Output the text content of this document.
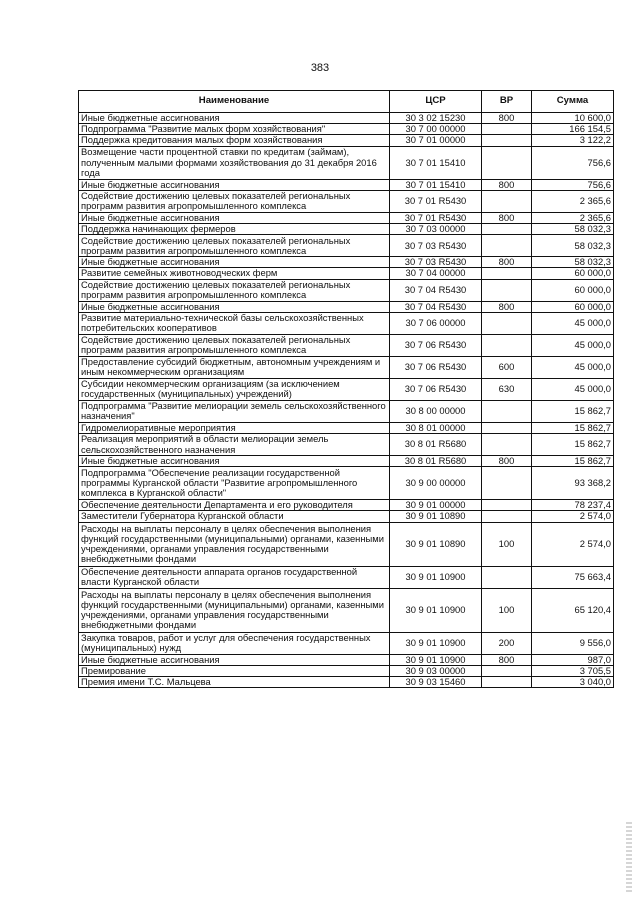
383
Наименование	ЦСР	ВР	Сумма
Иные бюджетные ассигнования	30 3 02 15230	800	10 600,0
Подпрограмма "Развитие малых форм хозяйствования"	30 7 00 00000		166 154,5
Поддержка кредитования малых форм хозяйствования	30 7 01 00000		3 122,2
Возмещение части процентной ставки по кредитам (займам), полученным малыми формами хозяйствования до 31 декабря 2016 года	30 7 01 15410		756,6
Иные бюджетные ассигнования	30 7 01 15410	800	756,6
Содействие достижению целевых показателей региональных программ развития агропромышленного комплекса	30 7 01 R5430		2 365,6
Иные бюджетные ассигнования	30 7 01 R5430	800	2 365,6
Поддержка начинающих фермеров	30 7 03 00000		58 032,3
Содействие достижению целевых показателей региональных программ развития агропромышленного комплекса	30 7 03 R5430		58 032,3
Иные бюджетные ассигнования	30 7 03 R5430	800	58 032,3
Развитие семейных животноводческих ферм	30 7 04 00000		60 000,0
Содействие достижению целевых показателей региональных программ развития агропромышленного комплекса	30 7 04 R5430		60 000,0
Иные бюджетные ассигнования	30 7 04 R5430	800	60 000,0
Развитие материально-технической базы сельскохозяйственных потребительских кооперативов	30 7 06 00000		45 000,0
Содействие достижению целевых показателей региональных программ развития агропромышленного комплекса	30 7 06 R5430		45 000,0
Предоставление субсидий бюджетным, автономным учреждениям и иным некоммерческим организациям	30 7 06 R5430	600	45 000,0
Субсидии некоммерческим организациям (за исключением государственных (муниципальных) учреждений)	30 7 06 R5430	630	45 000,0
Подпрограмма "Развитие мелиорации земель сельскохозяйственного назначения"	30 8 00 00000		15 862,7
Гидромелиоративные мероприятия	30 8 01 00000		15 862,7
Реализация мероприятий в области мелиорации земель сельскохозяйственного назначения	30 8 01 R5680		15 862,7
Иные бюджетные ассигнования	30 8 01 R5680	800	15 862,7
Подпрограмма "Обеспечение реализации государственной программы Курганской области "Развитие агропромышленного комплекса в Курганской области"	30 9 00 00000		93 368,2
Обеспечение деятельности Департамента и его руководителя	30 9 01 00000		78 237,4
Заместители Губернатора Курганской области	30 9 01 10890		2 574,0
Расходы на выплаты персоналу в целях обеспечения выполнения функций государственными (муниципальными) органами, казенными учреждениями, органами управления государственными внебюджетными фондами	30 9 01 10890	100	2 574,0
Обеспечение деятельности аппарата органов государственной власти Курганской области	30 9 01 10900		75 663,4
Расходы на выплаты персоналу в целях обеспечения выполнения функций государственными (муниципальными) органами, казенными учреждениями, органами управления государственными внебюджетными фондами	30 9 01 10900	100	65 120,4
Закупка товаров, работ и услуг для обеспечения государственных (муниципальных) нужд	30 9 01 10900	200	9 556,0
Иные бюджетные ассигнования	30 9 01 10900	800	987,0
Премирование	30 9 03 00000		3 705,5
Премия имени Т.С. Мальцева	30 9 03 15460		3 040,0
